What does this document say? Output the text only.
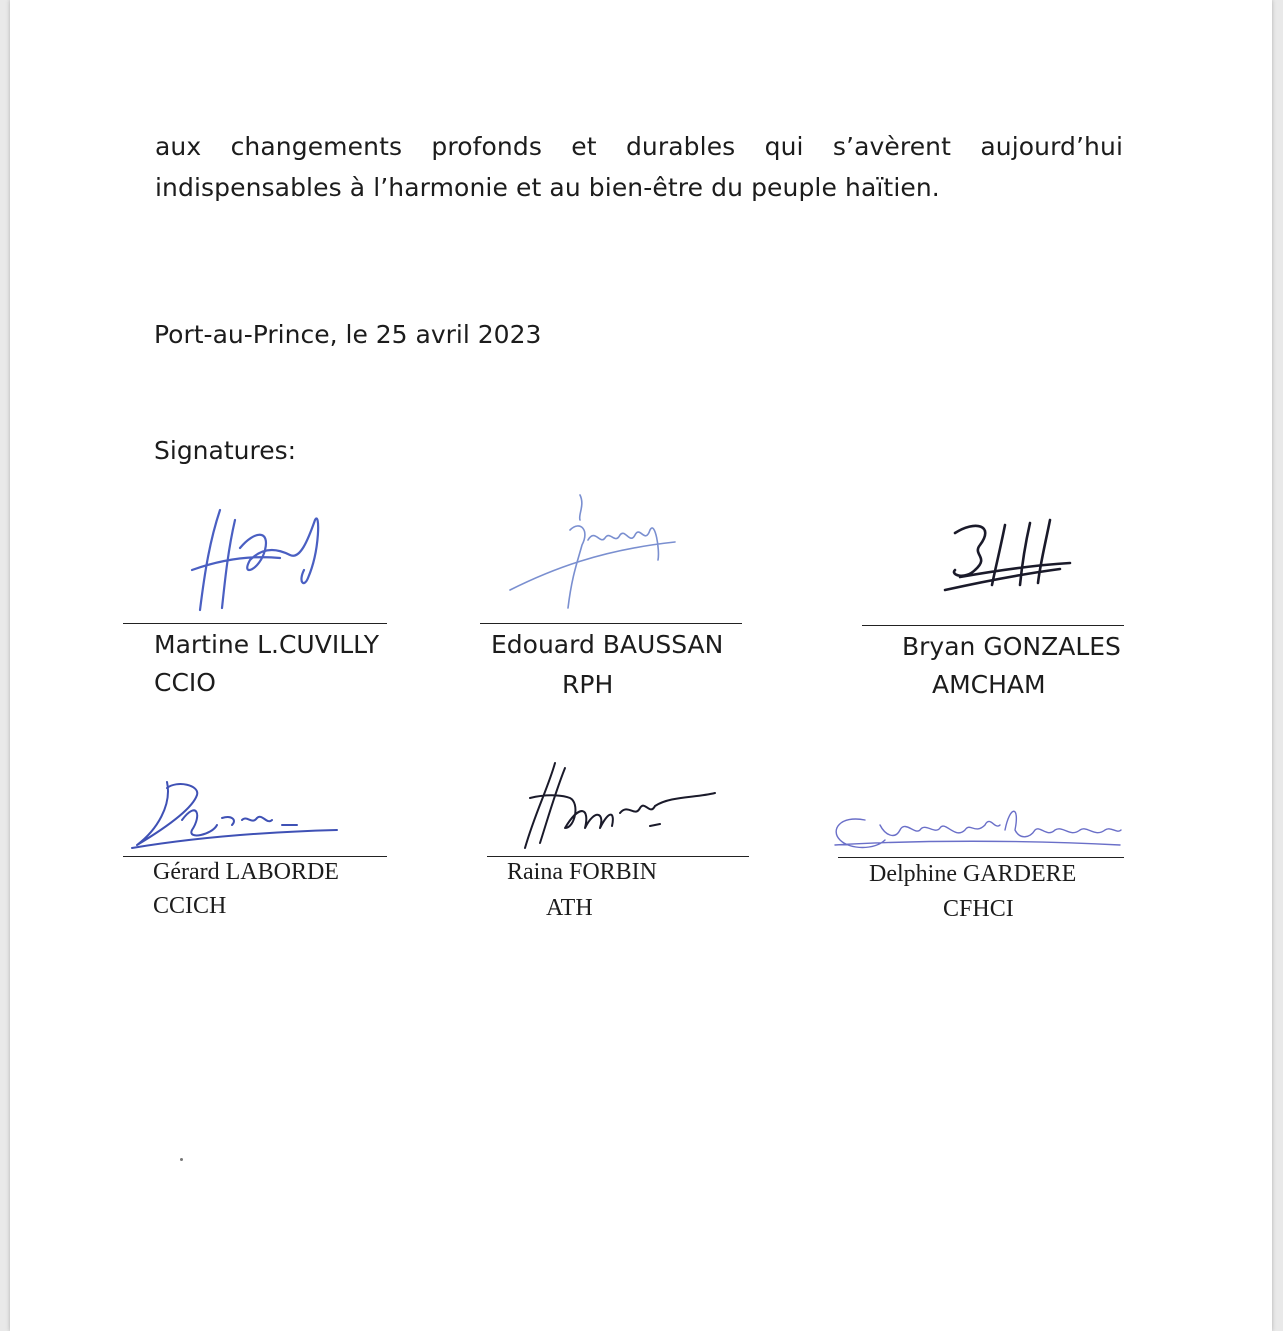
aux changements profonds et durables qui s’avèrent aujourd’hui indispensables à l’harmonie et au bien-être du peuple haïtien.

Port-au-Prince, le 25 avril 2023
Signatures:
Martine L.CUVILLY
CCIO
Edouard BAUSSAN
RPH
Bryan GONZALES
AMCHAM
Gérard LABORDE
CCICH
Raina FORBIN
ATH
Delphine GARDERE
CFHCI
